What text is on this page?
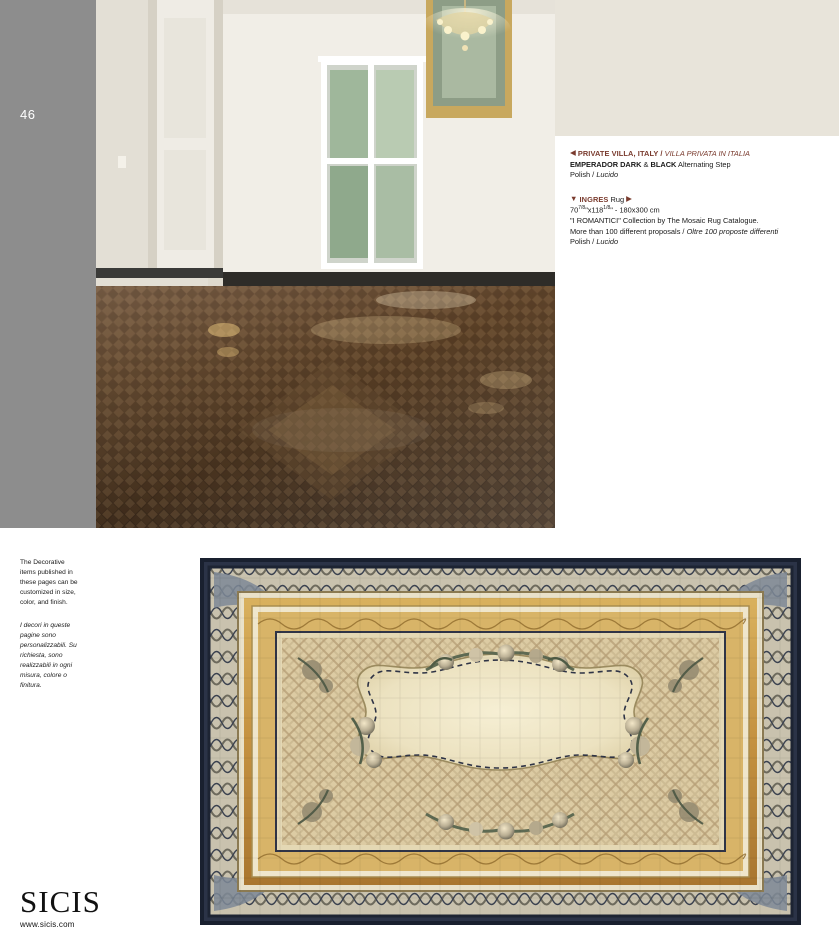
46
◀ PRIVATE VILLA, ITALY / VILLA PRIVATA IN ITALIA
EMPERADOR DARK & BLACK Alternating Step
Polish / Lucido
▼ INGRES Rug ▶
$70^{7/8}"x118^{1/8}$" - 180x300 cm
"I ROMANTICI" Collection by The Mosaic Rug Catalogue.
More than 100 different proposals / Oltre 100 proposte differenti
Polish / Lucido
The Decorative items published in these pages can be customized in size, color, and finish.
I decori in queste pagine sono personalizzabili. Su richiesta, sono realizzabili in ogni misura, colore o finitura.
SICIS
www.sicis.com
